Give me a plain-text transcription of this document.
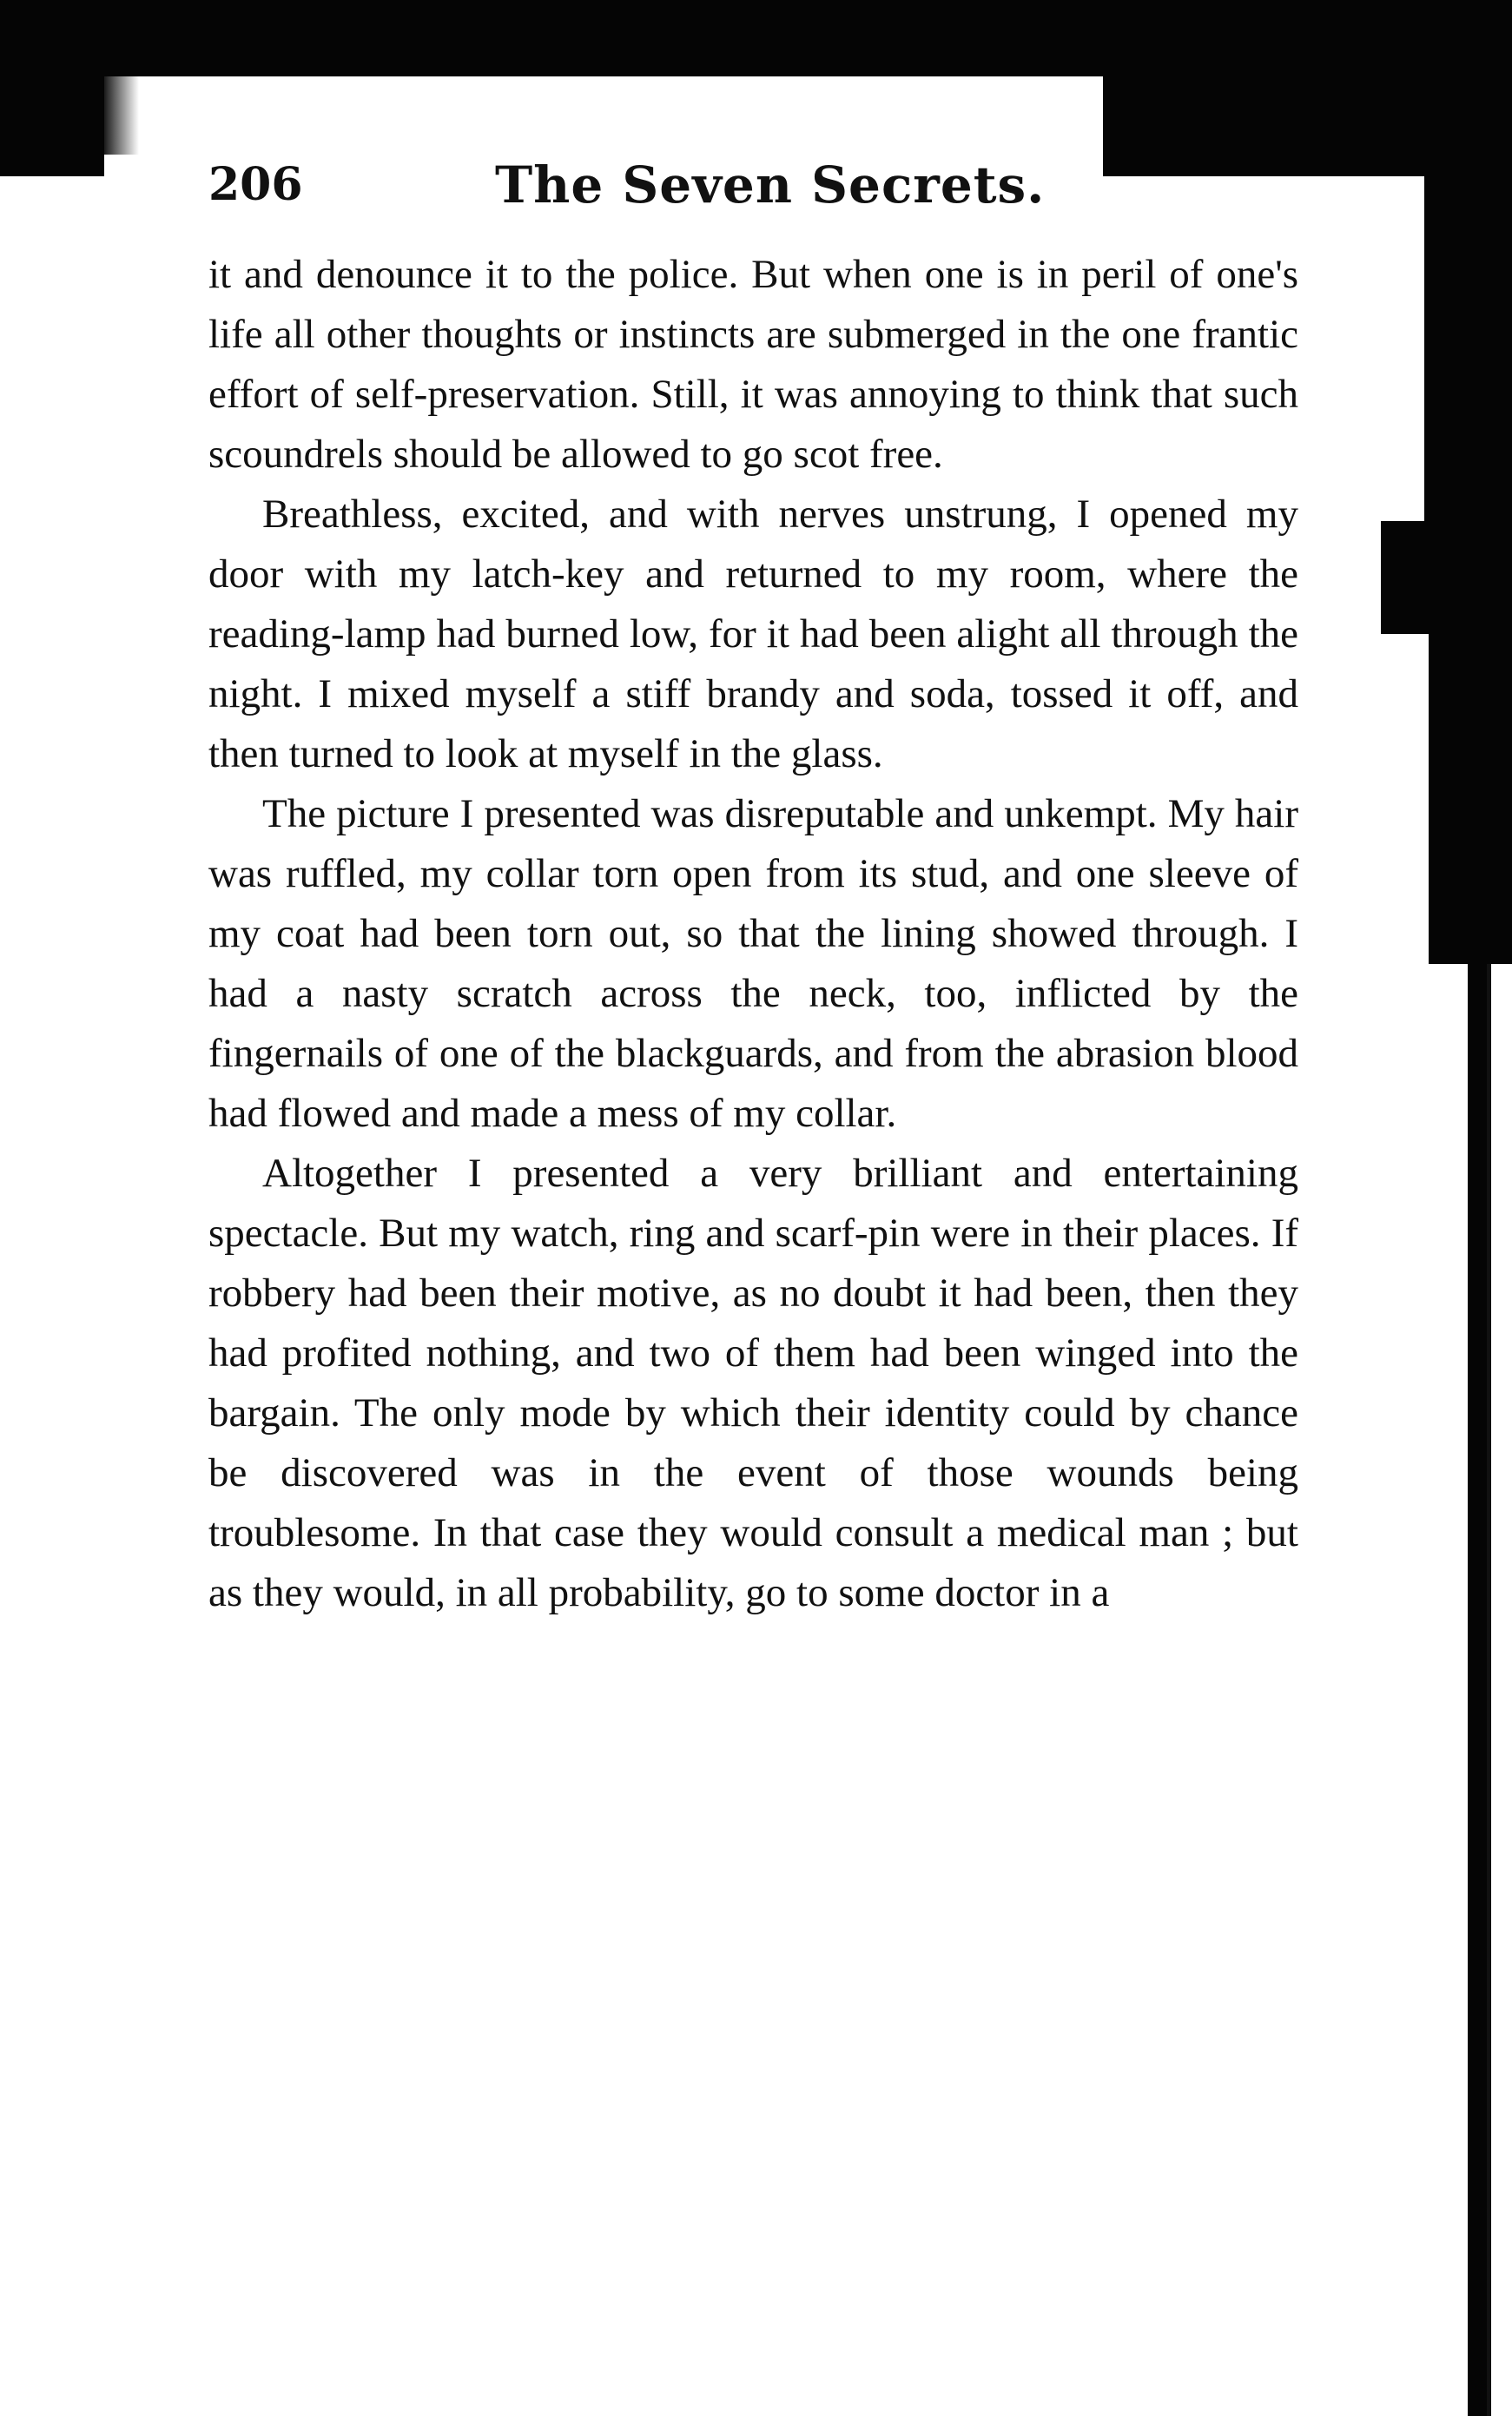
206	The Seven Secrets.

it and denounce it to the police. But when one is in peril of one's life all other thoughts or instincts are submerged in the one frantic effort of self-preservation. Still, it was annoying to think that such scoundrels should be allowed to go scot free.

Breathless, excited, and with nerves unstrung, I opened my door with my latch-key and returned to my room, where the reading-lamp had burned low, for it had been alight all through the night. I mixed myself a stiff brandy and soda, tossed it off, and then turned to look at myself in the glass.

The picture I presented was disreputable and unkempt. My hair was ruffled, my collar torn open from its stud, and one sleeve of my coat had been torn out, so that the lining showed through. I had a nasty scratch across the neck, too, inflicted by the fingernails of one of the blackguards, and from the abrasion blood had flowed and made a mess of my collar.

Altogether I presented a very brilliant and entertaining spectacle. But my watch, ring and scarf-pin were in their places. If robbery had been their motive, as no doubt it had been, then they had profited nothing, and two of them had been winged into the bargain. The only mode by which their identity could by chance be discovered was in the event of those wounds being troublesome. In that case they would consult a medical man ; but as they would, in all probability, go to some doctor in a
